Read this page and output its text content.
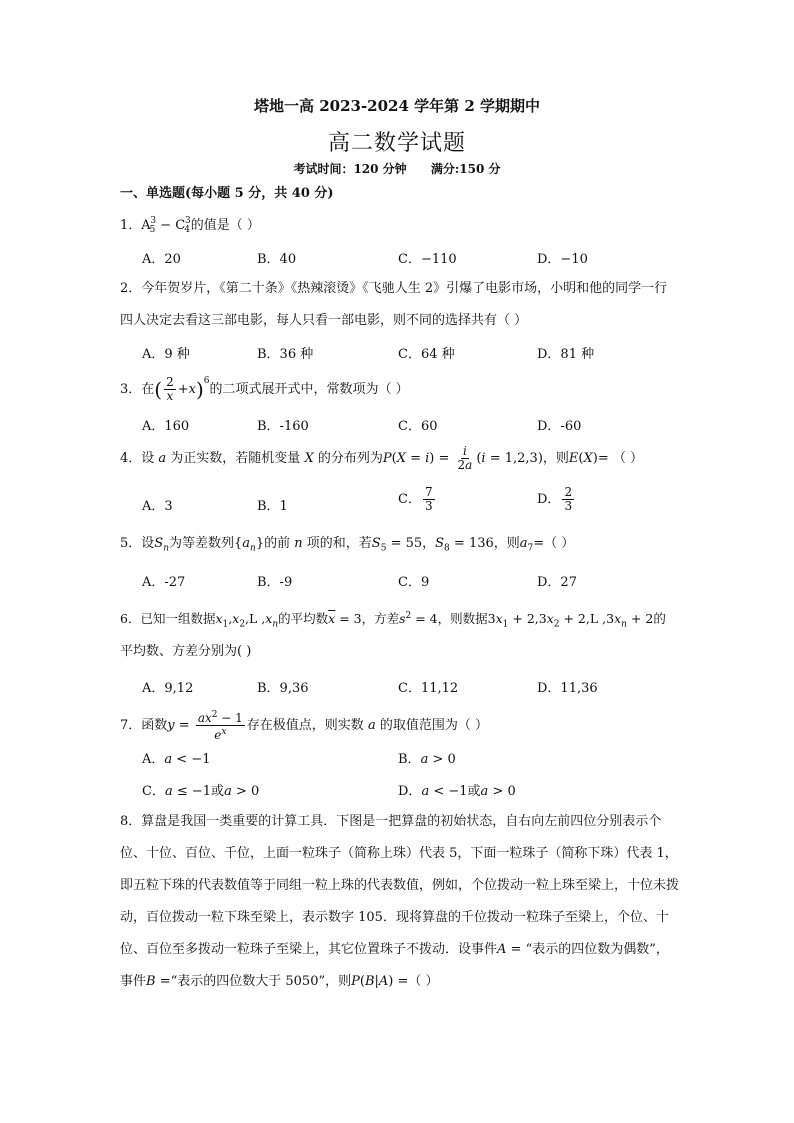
塔地一高 2023-2024 学年第 2 学期期中
高二数学试题
考试时间：120 分钟 满分:150 分
一、单选题(每小题 5 分，共 40 分)
1．$A_5^3 - C_4^3$的值是（ ）
A．20	B．40	C．−110	D．−10
2．今年贺岁片，《第二十条》《热辣滚烫》《飞驰人生 2》引爆了电影市场，小明和他的同学一行四人决定去看这三部电影，每人只看一部电影，则不同的选择共有（ ）
A．9 种	B．36 种	C．64 种	D．81 种
3．在( $\frac{2}{x} +x)^6$的二项式展开式中，常数项为（ ）
A．160	B．-160	C．60	D．-60
4．设 a 为正实数，若随机变量 X 的分布列为$P(X = i) = \frac{i}{2a} (i = 1,2,3)$，则E(X)= （ ）
A．3	B．1	C． $\frac{7}{3}$	D． $\frac{2}{3}$
5．设$S_n$为等差数列$\{a_n\}$的前 n 项的和，若$S_5 = 55$，$S_8 = 136$，则$a_7=$（ ）
A．-27	B．-9	C．9	D．27
6．已知一组数据$x_1,x_2,L$ $,x_n$的平均数$\overline{x} = 3$，方差$s^2 = 4$，则数据$3x_1 + 2,3x_2 + 2,L$ $,3x_n + 2$的
平均数、方差分别为( )
A．9,12	B．9,36	C．11,12	D．11,36
7．函数$y = \frac{ax^2 - 1}{e^x}$ 存在极值点，则实数 a 的取值范围为（ ）
A．a < −1	B．a > 0
C．a ≤ −1或a > 0	D．a < −1或a > 0
8．算盘是我国一类重要的计算工具．下图是一把算盘的初始状态，自右向左前四位分别表示个位、十位、百位、千位，上面一粒珠子（简称上珠）代表 5，下面一粒珠子（简称下珠）代表 1，即五粒下珠的代表数值等于同组一粒上珠的代表数值，例如，个位拨动一粒上珠至梁上，十位未拨动，百位拨动一粒下珠至梁上，表示数字 105．现将算盘的千位拨动一粒珠子至梁上，个位、十位、百位至多拨动一粒珠子至梁上，其它位置珠子不拨动．设事件A = “表示的四位数为偶数”，事件B =“表示的四位数大于 5050”，则P(B|A) =（ ）
